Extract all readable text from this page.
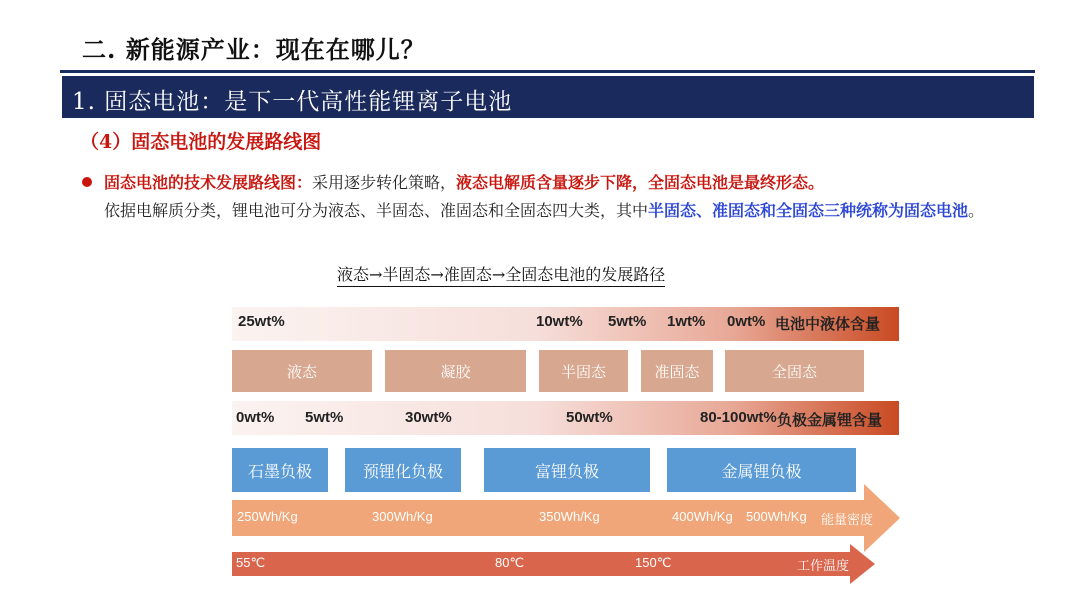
二. 新能源产业：现在在哪儿？
1. 固态电池：是下一代高性能锂离子电池
（4）固态电池的发展路线图
固态电池的技术发展路线图：采用逐步转化策略，液态电解质含量逐步下降，全固态电池是最终形态。
依据电解质分类，锂电池可分为液态、半固态、准固态和全固态四大类，其中半固态、准固态和全固态三种统称为固态电池。
液态→半固态→准固态→全固态电池的发展路径
25wt%	10wt% 5wt% 1wt% 0wt% 电池中液体含量
液态	凝胶	半固态	准固态	全固态
0wt% 5wt%	30wt%	50wt%	80-100wt% 负极金属锂含量
石墨负极	预锂化负极	富锂负极	金属锂负极
250Wh/Kg	300Wh/Kg	350Wh/Kg	400Wh/Kg 500Wh/Kg 能量密度
55℃	80℃	150℃	工作温度
